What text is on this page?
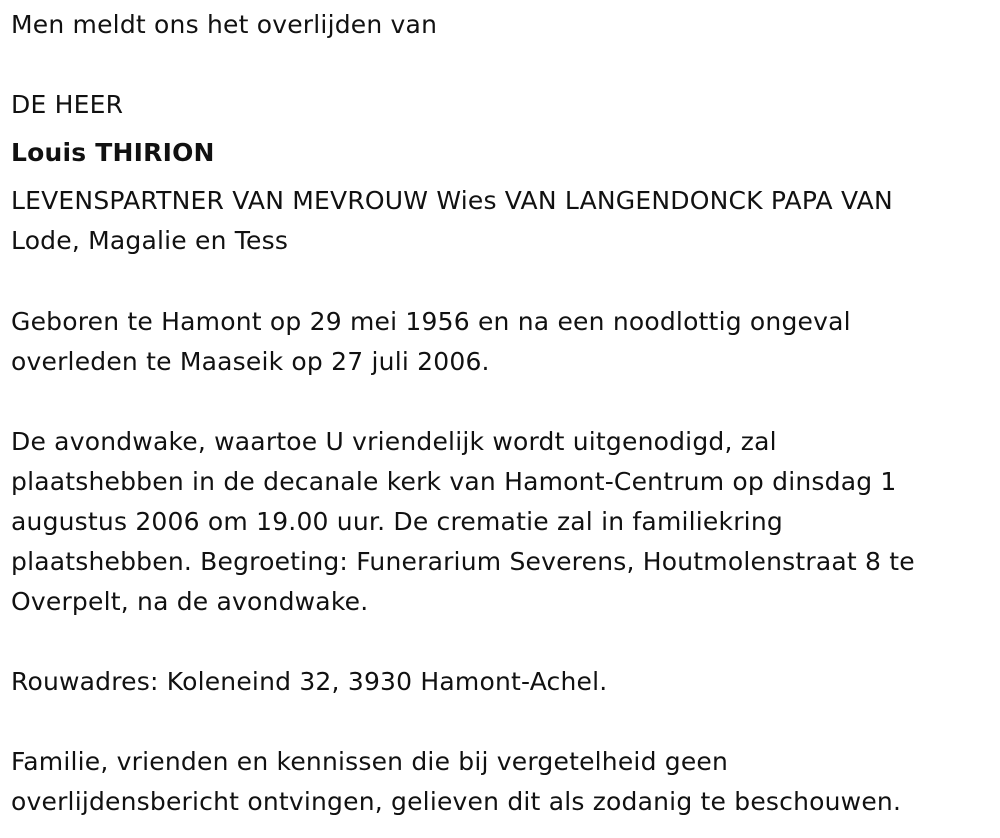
Men meldt ons het overlijden van
DE HEER
Louis THIRION
LEVENSPARTNER VAN MEVROUW Wies VAN LANGENDONCK PAPA VAN
Lode, Magalie en Tess
Geboren te Hamont op 29 mei 1956 en na een noodlottig ongeval
overleden te Maaseik op 27 juli 2006.
De avondwake, waartoe U vriendelijk wordt uitgenodigd, zal
plaatshebben in de decanale kerk van Hamont-Centrum op dinsdag 1
augustus 2006 om 19.00 uur. De crematie zal in familiekring
plaatshebben. Begroeting: Funerarium Severens, Houtmolenstraat 8 te
Overpelt, na de avondwake.
Rouwadres: Koleneind 32, 3930 Hamont-Achel.
Familie, vrienden en kennissen die bij vergetelheid geen
overlijdensbericht ontvingen, gelieven dit als zodanig te beschouwen.
